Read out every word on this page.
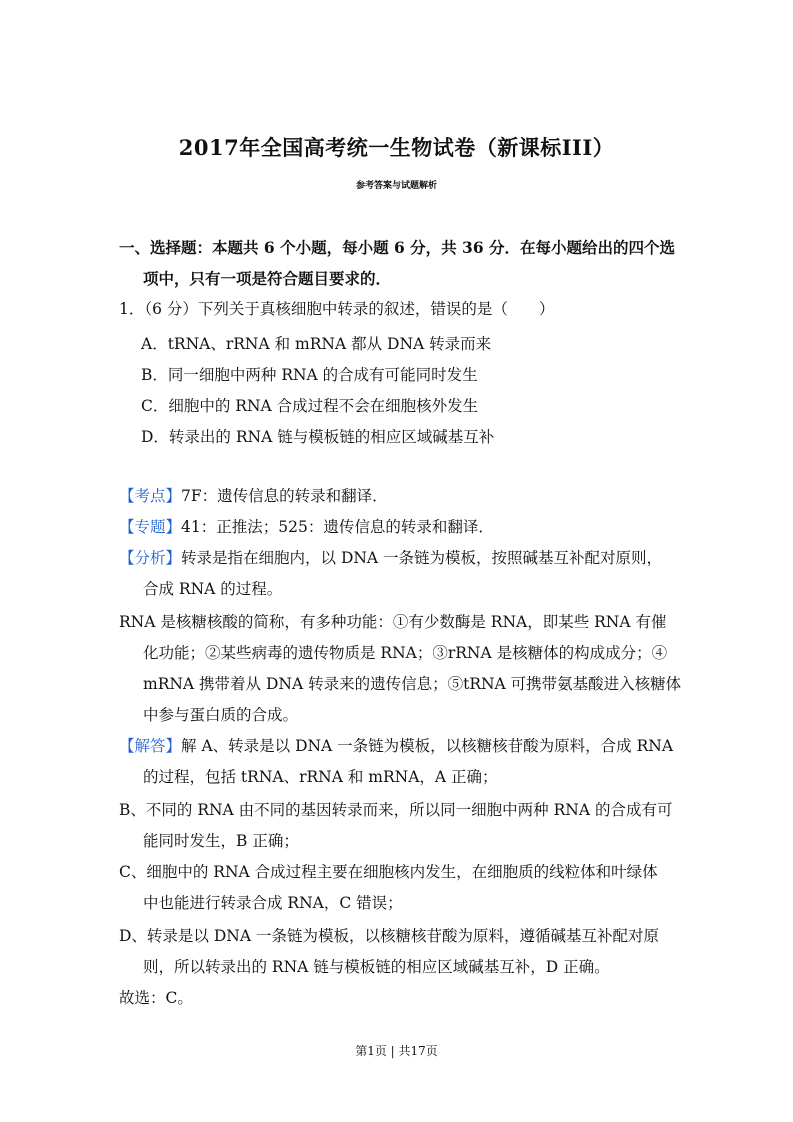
2017年全国高考统一生物试卷（新课标III）
参考答案与试题解析
一、选择题：本题共 6 个小题，每小题 6 分，共 36 分．在每小题给出的四个选
项中，只有一项是符合题目要求的．
1．（6 分）下列关于真核细胞中转录的叙述，错误的是（　　）
A．tRNA、rRNA 和 mRNA 都从 DNA 转录而来
B．同一细胞中两种 RNA 的合成有可能同时发生
C．细胞中的 RNA 合成过程不会在细胞核外发生
D．转录出的 RNA 链与模板链的相应区域碱基互补
【考点】7F：遗传信息的转录和翻译．
【专题】41：正推法；525：遗传信息的转录和翻译．
【分析】转录是指在细胞内，以 DNA 一条链为模板，按照碱基互补配对原则，
合成 RNA 的过程。
RNA 是核糖核酸的简称，有多种功能：①有少数酶是 RNA，即某些 RNA 有催
化功能；②某些病毒的遗传物质是 RNA；③rRNA 是核糖体的构成成分；④
mRNA 携带着从 DNA 转录来的遗传信息；⑤tRNA 可携带氨基酸进入核糖体
中参与蛋白质的合成。
【解答】解 A、转录是以 DNA 一条链为模板，以核糖核苷酸为原料，合成 RNA
的过程，包括 tRNA、rRNA 和 mRNA，A 正确；
B、不同的 RNA 由不同的基因转录而来，所以同一细胞中两种 RNA 的合成有可
能同时发生，B 正确；
C、细胞中的 RNA 合成过程主要在细胞核内发生，在细胞质的线粒体和叶绿体
中也能进行转录合成 RNA，C 错误；
D、转录是以 DNA 一条链为模板，以核糖核苷酸为原料，遵循碱基互补配对原
则，所以转录出的 RNA 链与模板链的相应区域碱基互补，D 正确。
故选：C。
第1页 | 共17页
